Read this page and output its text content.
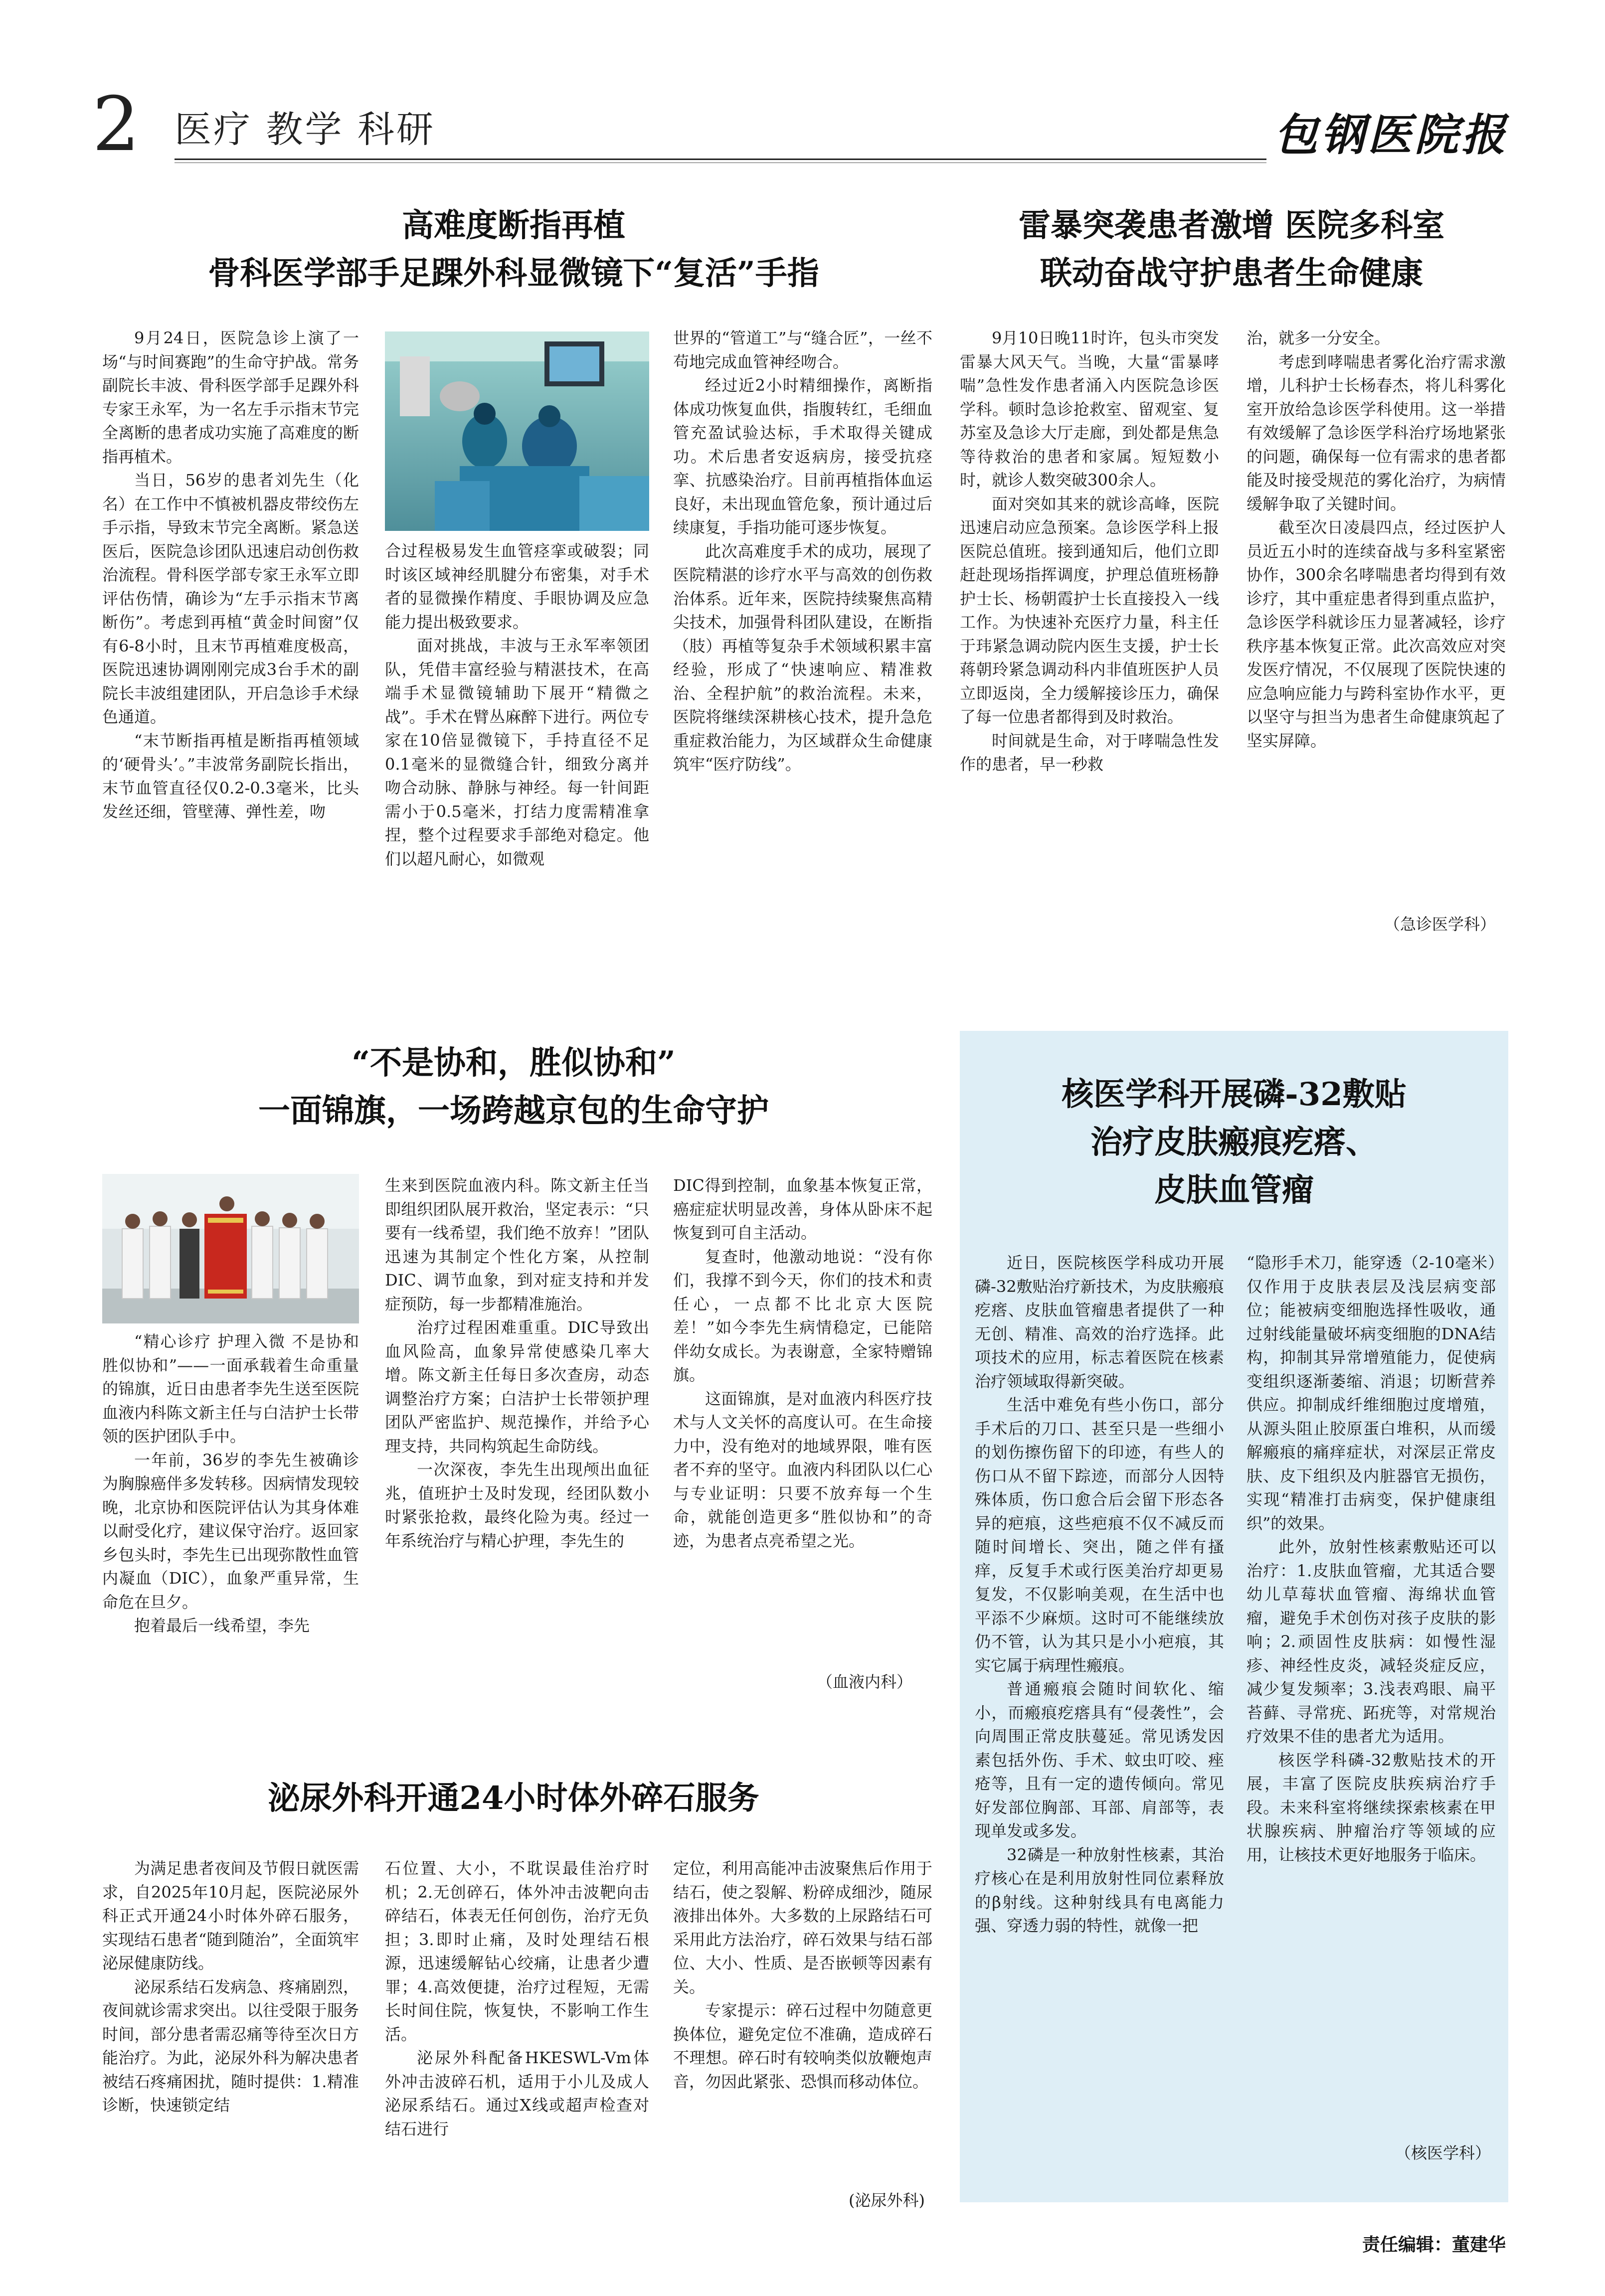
2 医疗 教学 科研	包钢医院报
高难度断指再植
骨科医学部手足踝外科显微镜下“复活”手指

9月24日，医院急诊上演了一场“与时间赛跑”的生命守护战。常务副院长丰波、骨科医学部手足踝外科专家王永军，为一名左手示指末节完全离断的患者成功实施了高难度的断指再植术。

当日，56岁的患者刘先生（化名）在工作中不慎被机器皮带绞伤左手示指，导致末节完全离断。紧急送医后，医院急诊团队迅速启动创伤救治流程。骨科医学部专家王永军立即评估伤情，确诊为“左手示指末节离断伤”。考虑到再植“黄金时间窗”仅有6-8小时，且末节再植难度极高，医院迅速协调刚刚完成3台手术的副院长丰波组建团队，开启急诊手术绿色通道。

“末节断指再植是断指再植领域的‘硬骨头’。”丰波常务副院长指出，末节血管直径仅0.2-0.3毫米，比头发丝还细，管壁薄、弹性差，吻

合过程极易发生血管痉挛或破裂；同时该区域神经肌腱分布密集，对手术者的显微操作精度、手眼协调及应急能力提出极致要求。

面对挑战，丰波与王永军率领团队，凭借丰富经验与精湛技术，在高端手术显微镜辅助下展开“精微之战”。手术在臂丛麻醉下进行。两位专家在10倍显微镜下，手持直径不足0.1毫米的显微缝合针，细致分离并吻合动脉、静脉与神经。每一针间距需小于0.5毫米，打结力度需精准拿捏，整个过程要求手部绝对稳定。他们以超凡耐心，如微观

世界的“管道工”与“缝合匠”，一丝不苟地完成血管神经吻合。

经过近2小时精细操作，离断指体成功恢复血供，指腹转红，毛细血管充盈试验达标，手术取得关键成功。术后患者安返病房，接受抗痉挛、抗感染治疗。目前再植指体血运良好，未出现血管危象，预计通过后续康复，手指功能可逐步恢复。

此次高难度手术的成功，展现了医院精湛的诊疗水平与高效的创伤救治体系。近年来，医院持续聚焦高精尖技术，加强骨科团队建设，在断指（肢）再植等复杂手术领域积累丰富经验，形成了“快速响应、精准救治、全程护航”的救治流程。未来，医院将继续深耕核心技术，提升急危重症救治能力，为区域群众生命健康筑牢“医疗防线”。

雷暴突袭患者激增 医院多科室
联动奋战守护患者生命健康

9月10日晚11时许，包头市突发雷暴大风天气。当晚，大量“雷暴哮喘”急性发作患者涌入内医院急诊医学科。顿时急诊抢救室、留观室、复苏室及急诊大厅走廊，到处都是焦急等待救治的患者和家属。短短数小时，就诊人数突破300余人。

面对突如其来的就诊高峰，医院迅速启动应急预案。急诊医学科上报医院总值班。接到通知后，他们立即赶赴现场指挥调度，护理总值班杨静护士长、杨朝霞护士长直接投入一线工作。为快速补充医疗力量，科主任于玮紧急调动院内医生支援，护士长蒋朝玲紧急调动科内非值班医护人员立即返岗，全力缓解接诊压力，确保了每一位患者都得到及时救治。

时间就是生命，对于哮喘急性发作的患者，早一秒救

治，就多一分安全。

考虑到哮喘患者雾化治疗需求激增，儿科护士长杨春杰，将儿科雾化室开放给急诊医学科使用。这一举措有效缓解了急诊医学科治疗场地紧张的问题，确保每一位有需求的患者都能及时接受规范的雾化治疗，为病情缓解争取了关键时间。

截至次日凌晨四点，经过医护人员近五小时的连续奋战与多科室紧密协作，300余名哮喘患者均得到有效诊疗，其中重症患者得到重点监护，急诊医学科就诊压力显著减轻，诊疗秩序基本恢复正常。此次高效应对突发医疗情况，不仅展现了医院快速的应急响应能力与跨科室协作水平，更以坚守与担当为患者生命健康筑起了坚实屏障。

（急诊医学科）
“不是协和，胜似协和”
一面锦旗，一场跨越京包的生命守护

“精心诊疗 护理入微 不是协和胜似协和”——一面承载着生命重量的锦旗，近日由患者李先生送至医院血液内科陈文新主任与白洁护士长带领的医护团队手中。

一年前，36岁的李先生被确诊为胸腺癌伴多发转移。因病情发现较晚，北京协和医院评估认为其身体难以耐受化疗，建议保守治疗。返回家乡包头时，李先生已出现弥散性血管内凝血（DIC），血象严重异常，生命危在旦夕。

抱着最后一线希望，李先

生来到医院血液内科。陈文新主任当即组织团队展开救治，坚定表示：“只要有一线希望，我们绝不放弃！”团队迅速为其制定个性化方案，从控制DIC、调节血象，到对症支持和并发症预防，每一步都精准施治。

治疗过程困难重重。DIC导致出血风险高，血象异常使感染几率大增。陈文新主任每日多次查房，动态调整治疗方案；白洁护士长带领护理团队严密监护、规范操作，并给予心理支持，共同构筑起生命防线。

一次深夜，李先生出现颅出血征兆，值班护士及时发现，经团队数小时紧张抢救，最终化险为夷。经过一年系统治疗与精心护理，李先生的

DIC得到控制，血象基本恢复正常，癌症症状明显改善，身体从卧床不起恢复到可自主活动。

复查时，他激动地说：“没有你们，我撑不到今天，你们的技术和责任心，一点都不比北京大医院差！”如今李先生病情稳定，已能陪伴幼女成长。为表谢意，全家特赠锦旗。

这面锦旗，是对血液内科医疗技术与人文关怀的高度认可。在生命接力中，没有绝对的地域界限，唯有医者不弃的坚守。血液内科团队以仁心与专业证明：只要不放弃每一个生命，就能创造更多“胜似协和”的奇迹，为患者点亮希望之光。

（血液内科）
泌尿外科开通24小时体外碎石服务

为满足患者夜间及节假日就医需求，自2025年10月起，医院泌尿外科正式开通24小时体外碎石服务，实现结石患者“随到随治”，全面筑牢泌尿健康防线。

泌尿系结石发病急、疼痛剧烈，夜间就诊需求突出。以往受限于服务时间，部分患者需忍痛等待至次日方能治疗。为此，泌尿外科为解决患者被结石疼痛困扰，随时提供：1.精准诊断，快速锁定结

石位置、大小，不耽误最佳治疗时机；2.无创碎石，体外冲击波靶向击碎结石，体表无任何创伤，治疗无负担；3.即时止痛，及时处理结石根源，迅速缓解钻心绞痛，让患者少遭罪；4.高效便捷，治疗过程短，无需长时间住院，恢复快，不影响工作生活。

泌尿外科配备HKESWL-Vm体外冲击波碎石机，适用于小儿及成人泌尿系结石。通过X线或超声检查对结石进行

定位，利用高能冲击波聚焦后作用于结石，使之裂解、粉碎成细沙，随尿液排出体外。大多数的上尿路结石可采用此方法治疗，碎石效果与结石部位、大小、性质、是否嵌顿等因素有关。

专家提示：碎石过程中勿随意更换体位，避免定位不准确，造成碎石不理想。碎石时有较响类似放鞭炮声音，勿因此紧张、恐惧而移动体位。

(泌尿外科)
核医学科开展磷-32敷贴
治疗皮肤瘢痕疙瘩、
皮肤血管瘤

近日，医院核医学科成功开展磷-32敷贴治疗新技术，为皮肤瘢痕疙瘩、皮肤血管瘤患者提供了一种无创、精准、高效的治疗选择。此项技术的应用，标志着医院在核素治疗领域取得新突破。

生活中难免有些小伤口，部分手术后的刀口、甚至只是一些细小的划伤擦伤留下的印迹，有些人的伤口从不留下踪迹，而部分人因特殊体质，伤口愈合后会留下形态各异的疤痕，这些疤痕不仅不减反而随时间增长、突出，随之伴有搔痒，反复手术或行医美治疗却更易复发，不仅影响美观，在生活中也平添不少麻烦。这时可不能继续放仍不管，认为其只是小小疤痕，其实它属于病理性瘢痕。

普通瘢痕会随时间软化、缩小，而瘢痕疙瘩具有“侵袭性”，会向周围正常皮肤蔓延。常见诱发因素包括外伤、手术、蚊虫叮咬、痤疮等，且有一定的遗传倾向。常见好发部位胸部、耳部、肩部等，表现单发或多发。

32磷是一种放射性核素，其治疗核心在是利用放射性同位素释放的β射线。这种射线具有电离能力强、穿透力弱的特性，就像一把

“隐形手术刀，能穿透（2-10毫米）仅作用于皮肤表层及浅层病变部位；能被病变细胞选择性吸收，通过射线能量破坏病变细胞的DNA结构，抑制其异常增殖能力，促使病变组织逐渐萎缩、消退；切断营养供应。抑制成纤维细胞过度增殖，从源头阻止胶原蛋白堆积，从而缓解瘢痕的痛痒症状，对深层正常皮肤、皮下组织及内脏器官无损伤，实现“精准打击病变，保护健康组织”的效果。

此外，放射性核素敷贴还可以治疗：1.皮肤血管瘤，尤其适合婴幼儿草莓状血管瘤、海绵状血管瘤，避免手术创伤对孩子皮肤的影响；2.顽固性皮肤病：如慢性湿疹、神经性皮炎，减轻炎症反应，减少复发频率；3.浅表鸡眼、扁平苔藓、寻常疣、跖疣等，对常规治疗效果不佳的患者尤为适用。

核医学科磷-32敷贴技术的开展，丰富了医院皮肤疾病治疗手段。未来科室将继续探索核素在甲状腺疾病、肿瘤治疗等领域的应用，让核技术更好地服务于临床。

（核医学科）
责任编辑：董建华
